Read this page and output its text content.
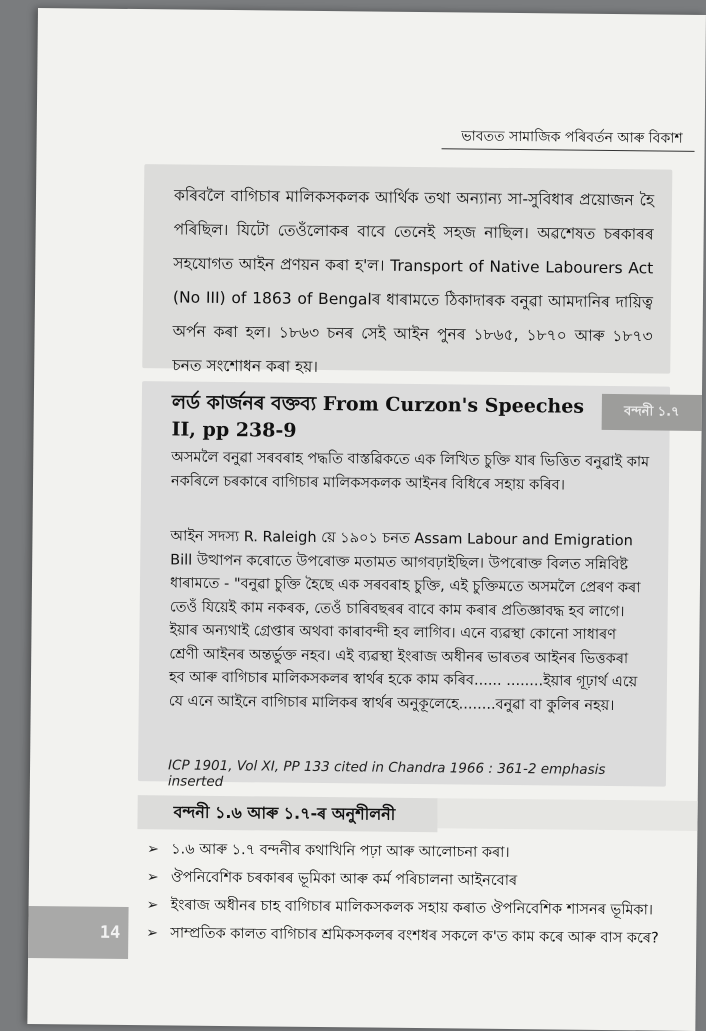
ভাবতত সামাজিক পৰিবৰ্তন আৰু বিকাশ

কৰিবলৈ বাগিচাৰ মালিকসকলক আৰ্থিক তথা অন্যান্য সা-সুবিধাৰ প্ৰয়োজন হৈ পৰিছিল। যিটো তেওঁলোকৰ বাবে তেনেই সহজ নাছিল। অৱশেষত চৰকাৰৰ সহযোগত আইন প্ৰণয়ন কৰা হ'ল। Transport of Native Labourers Act (No III) of 1863 of Bengalৰ ধাৰামতে ঠিকাদাৰক বনুৱা আমদানিৰ দায়িত্ব অৰ্পন কৰা হল। ১৮৬৩ চনৰ সেই আইন পুনৰ ১৮৬৫, ১৮৭০ আৰু ১৮৭৩ চনত সংশোধন কৰা হয়।

লৰ্ড কাৰ্জনৰ বক্তব্য From Curzon's Speeches II, pp 238-9
বন্দনী ১.৭

অসমলৈ বনুৱা সৰবৰাহ পদ্ধতি বাস্তৱিকতে এক লিখিত চুক্তি যাৰ ভিত্তিত বনুৱাই কাম নকৰিলে চৰকাৰে বাগিচাৰ মালিকসকলক আইনৰ বিধিৰে সহায় কৰিব।

আইন সদস্য R. Raleigh য়ে ১৯০১ চনত Assam Labour and Emigration Bill উত্থাপন কৰোতে উপৰোক্ত মতামত আগবঢ়াইছিল। উপৰোক্ত বিলত সন্নিবিষ্ট ধাৰামতে - "বনুৱা চুক্তি হৈছে এক সৰবৰাহ চুক্তি, এই চুক্তিমতে অসমলৈ প্ৰেৰণ কৰা তেওঁ যিয়েই কাম নকৰক, তেওঁ চাৰিবছৰৰ বাবে কাম কৰাৰ প্ৰতিজ্ঞাবদ্ধ হব লাগে। ইয়াৰ অন্যথাই গ্ৰেপ্তাৰ অথবা কাৰাবন্দী হব লাগিব। এনে ব্যৱস্থা কোনো সাধাৰণ শ্ৰেণী আইনৰ অন্তৰ্ভুক্ত নহব। এই ব্যৱস্থা ইংৰাজ অধীনৰ ভাৰতৰ আইনৰ ভিত্তকৰা হব আৰু বাগিচাৰ মালিকসকলৰ স্বাৰ্থৰ হকে কাম কৰিব...... ........ইয়াৰ গূঢ়াৰ্থ এয়ে যে এনে আইনে বাগিচাৰ মালিকৰ স্বাৰ্থৰ অনুকূলেহে........বনুৱা বা কুলিৰ নহয়।

ICP 1901, Vol XI, PP 133 cited in Chandra 1966 : 361-2 emphasis inserted
বন্দনী ১.৬ আৰু ১.৭-ৰ অনুশীলনী
➢ ১.৬ আৰু ১.৭ বন্দনীৰ কথাখিনি পঢ়া আৰু আলোচনা কৰা।
➢ ঔপনিবেশিক চৰকাৰৰ ভূমিকা আৰু কৰ্ম পৰিচালনা আইনবোৰ
➢ ইংৰাজ অধীনৰ চাহ বাগিচাৰ মালিকসকলক সহায় কৰাত ঔপনিবেশিক শাসনৰ ভূমিকা।
➢ সাম্প্ৰতিক কালত বাগিচাৰ শ্ৰমিকসকলৰ বংশধৰ সকলে ক'ত কাম কৰে আৰু বাস কৰে?
14
